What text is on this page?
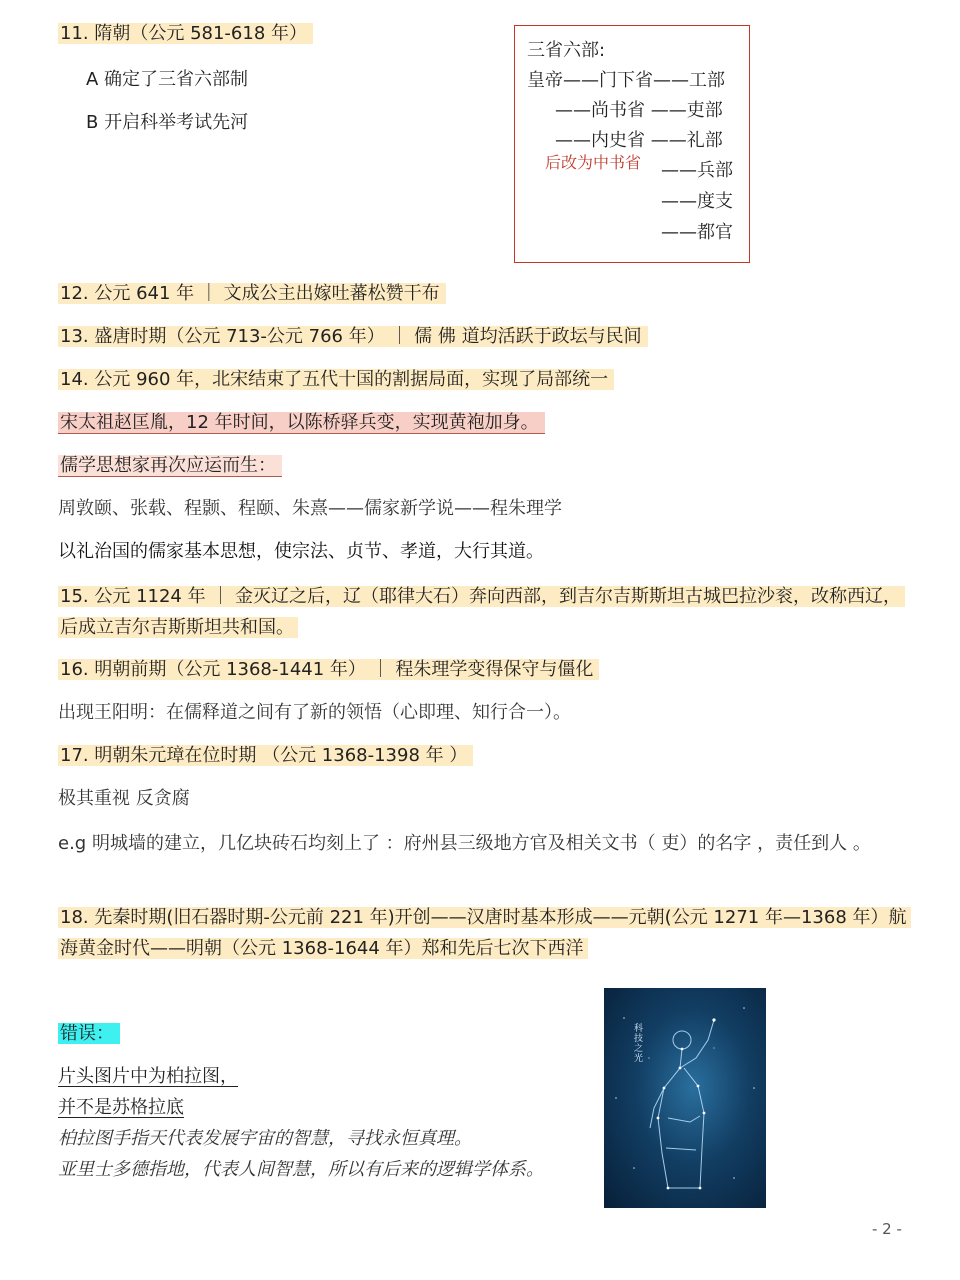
11. 隋朝（公元 581-618 年）
A 确定了三省六部制
B 开启科举考试先河
三省六部:
皇帝——门下省——工部
——尚书省 ——吏部
——内史省 ——礼部
后改为中书省 ——兵部
——度支
——都官
12. 公元 641 年 ｜ 文成公主出嫁吐蕃松赞干布
13. 盛唐时期（公元 713-公元 766 年） ｜ 儒 佛 道均活跃于政坛与民间
14. 公元 960 年，北宋结束了五代十国的割据局面，实现了局部统一
宋太祖赵匡胤，12 年时间，以陈桥驿兵变，实现黄袍加身。
儒学思想家再次应运而生：
周敦颐、张载、程颢、程颐、朱熹——儒家新学说——程朱理学
以礼治国的儒家基本思想，使宗法、贞节、孝道，大行其道。
15. 公元 1124 年 ｜ 金灭辽之后，辽（耶律大石）奔向西部，到吉尔吉斯斯坦古城巴拉沙衮，改称西辽，后成立吉尔吉斯斯坦共和国。
16. 明朝前期（公元 1368-1441 年） ｜ 程朱理学变得保守与僵化
出现王阳明：在儒释道之间有了新的领悟（心即理、知行合一）。
17. 明朝朱元璋在位时期 （公元 1368-1398 年 ）
极其重视 反贪腐
e.g 明城墙的建立，几亿块砖石均刻上了 ：府州县三级地方官及相关文书（ 吏）的名字 ，责任到人 。
18. 先秦时期(旧石器时期-公元前 221 年)开创——汉唐时基本形成——元朝(公元 1271 年—1368 年）航海黄金时代——明朝（公元 1368-1644 年）郑和先后七次下西洋
错误：
片头图片中为柏拉图，
并不是苏格拉底
柏拉图手指天代表发展宇宙的智慧，寻找永恒真理。
亚里士多德指地，代表人间智慧，所以有后来的逻辑学体系。
科技之光
- 2 -
